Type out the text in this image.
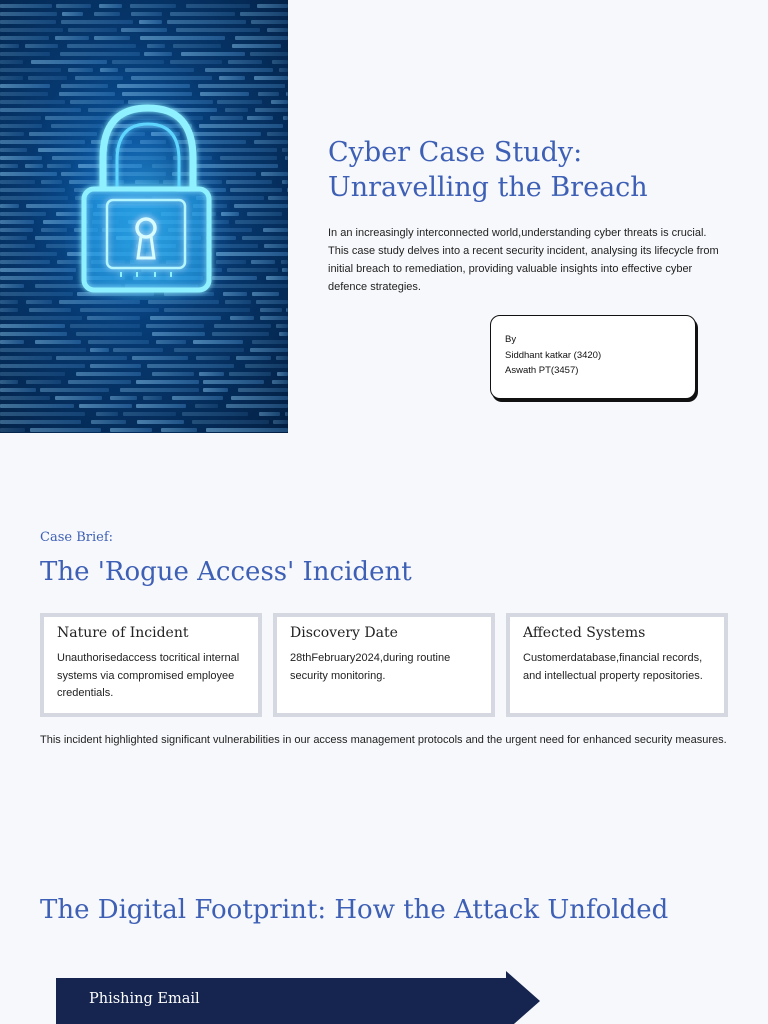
Cyber Case Study:
Unravelling the Breach

In an increasingly interconnected world,understanding cyber threats is crucial. This case study delves into a recent security incident, analysing its lifecycle from initial breach to remediation, providing valuable insights into effective cyber defence strategies.

By
Siddhant katkar (3420)
Aswath PT(3457)
Case Brief:
The 'Rogue Access' Incident
Nature of Incident
Unauthorisedaccess tocritical internal systems via compromised employee credentials.
Discovery Date
28thFebruary2024,during routine security monitoring.
Affected Systems
Customerdatabase,financial records, and intellectual property repositories.

This incident highlighted significant vulnerabilities in our access management protocols and the urgent need for enhanced security measures.

The Digital Footprint: How the Attack Unfolded
Phishing Email
